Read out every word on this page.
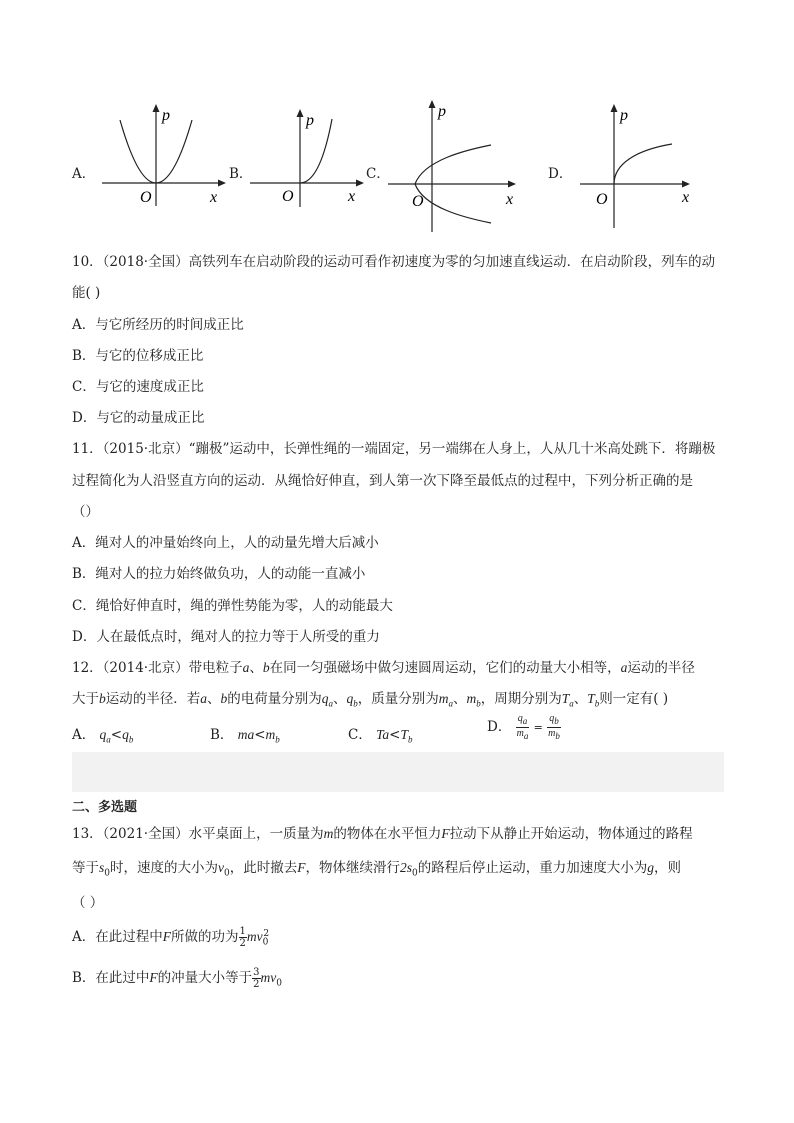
A．
p
O	x
B．
p
O	x
C．
p
O	x
D．
p
O	x
10．（2018·全国）高铁列车在启动阶段的运动可看作初速度为零的匀加速直线运动．在启动阶段，列车的动
能( )
A．与它所经历的时间成正比
B．与它的位移成正比
C．与它的速度成正比
D．与它的动量成正比
11．（2015·北京）“蹦极”运动中，长弹性绳的一端固定，另一端绑在人身上，人从几十米高处跳下．将蹦极
过程简化为人沿竖直方向的运动．从绳恰好伸直，到人第一次下降至最低点的过程中，下列分析正确的是
（）
A．绳对人的冲量始终向上，人的动量先增大后减小
B．绳对人的拉力始终做负功，人的动能一直减小
C．绳恰好伸直时，绳的弹性势能为零，人的动能最大
D．人在最低点时，绳对人的拉力等于人所受的重力
12．（2014·北京）带电粒子a、b在同一匀强磁场中做匀速圆周运动，它们的动量大小相等，a运动的半径
大于b运动的半径．若a、b的电荷量分别为$q_a$、$q_b$，质量分别为$m_a$、$m_b$，周期分别为$T_a$、$T_b$则一定有( )
A． $q_a<q_b$	B． $ma<m_b$	C． $Ta<T_b$
D． $\frac{q_a}{m_a} = \frac{q_b}{m_b}$
二、多选题
13．（2021·全国）水平桌面上，一质量为m的物体在水平恒力F拉动下从静止开始运动，物体通过的路程
等于$s_0$时，速度的大小为$v_0$，此时撤去F，物体继续滑行$2s_0$的路程后停止运动，重力加速度大小为g，则
（ ）
A．在此过程中F所做的功为 $\frac{1}{2} mv_0^2$
B．在此过中F的冲量大小等于 $\frac{3}{2} mv_0$
